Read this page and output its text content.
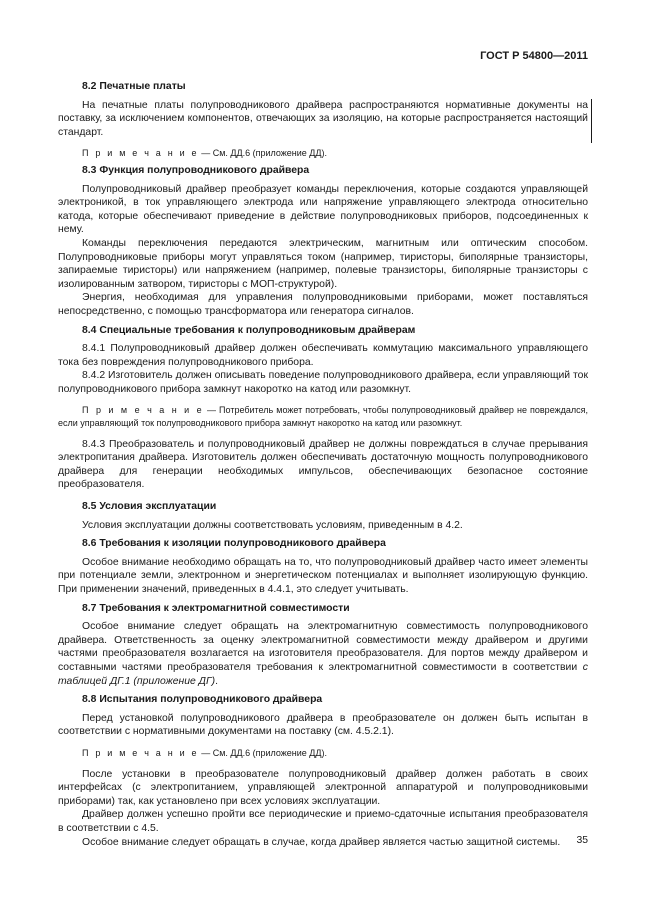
ГОСТ Р 54800—2011

8.2 Печатные платы

На печатные платы полупроводникового драйвера распространяются нормативные документы на поставку, за исключением компонентов, отвечающих за изоляцию, на которые распространяется настоящий стандарт.

П р и м е ч а н и е — См. ДД.6 (приложение ДД).

8.3 Функция полупроводникового драйвера

Полупроводниковый драйвер преобразует команды переключения, которые создаются управляющей электроникой, в ток управляющего электрода или напряжение управляющего электрода относительно катода, которые обеспечивают приведение в действие полупроводниковых приборов, подсоединенных к нему.

Команды переключения передаются электрическим, магнитным или оптическим способом. Полупроводниковые приборы могут управляться током (например, тиристоры, биполярные транзисторы, запираемые тиристоры) или напряжением (например, полевые транзисторы, биполярные транзисторы с изолированным затвором, тиристоры с МОП-структурой).

Энергия, необходимая для управления полупроводниковыми приборами, может поставляться непосредственно, с помощью трансформатора или генератора сигналов.

8.4 Специальные требования к полупроводниковым драйверам

8.4.1 Полупроводниковый драйвер должен обеспечивать коммутацию максимального управляющего тока без повреждения полупроводникового прибора.

8.4.2 Изготовитель должен описывать поведение полупроводникового драйвера, если управляющий ток полупроводникового прибора замкнут накоротко на катод или разомкнут.

П р и м е ч а н и е — Потребитель может потребовать, чтобы полупроводниковый драйвер не повреждался, если управляющий ток полупроводникового прибора замкнут накоротко на катод или разомкнут.

8.4.3 Преобразователь и полупроводниковый драйвер не должны повреждаться в случае прерывания электропитания драйвера. Изготовитель должен обеспечивать достаточную мощность полупроводникового драйвера для генерации необходимых импульсов, обеспечивающих безопасное состояние преобразователя.

8.5 Условия эксплуатации

Условия эксплуатации должны соответствовать условиям, приведенным в 4.2.

8.6 Требования к изоляции полупроводникового драйвера

Особое внимание необходимо обращать на то, что полупроводниковый драйвер часто имеет элементы при потенциале земли, электронном и энергетическом потенциалах и выполняет изолирующую функцию. При применении значений, приведенных в 4.4.1, это следует учитывать.

8.7 Требования к электромагнитной совместимости

Особое внимание следует обращать на электромагнитную совместимость полупроводникового драйвера. Ответственность за оценку электромагнитной совместимости между драйвером и другими частями преобразователя возлагается на изготовителя преобразователя. Для портов между драйвером и составными частями преобразователя требования к электромагнитной совместимости в соответствии с таблицей ДГ.1 (приложение ДГ).

8.8 Испытания полупроводникового драйвера

Перед установкой полупроводникового драйвера в преобразователе он должен быть испытан в соответствии с нормативными документами на поставку (см. 4.5.2.1).

П р и м е ч а н и е — См. ДД.6 (приложение ДД).

После установки в преобразователе полупроводниковый драйвер должен работать в своих интерфейсах (с электропитанием, управляющей электронной аппаратурой и полупроводниковыми приборами) так, как установлено при всех условиях эксплуатации.

Драйвер должен успешно пройти все периодические и приемо-сдаточные испытания преобразователя в соответствии с 4.5.

Особое внимание следует обращать в случае, когда драйвер является частью защитной системы.	35
